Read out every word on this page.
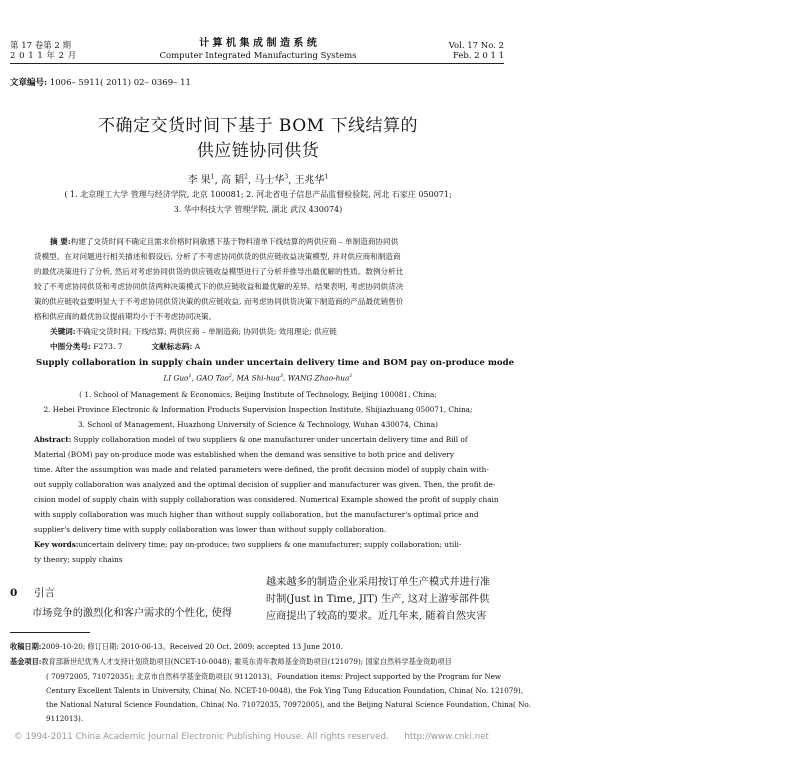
第 17 卷第 2 期
2 0 1 1 年 2 月
计 算 机 集 成 制 造 系 统
Computer Integrated Manufacturing Systems
Vol. 17 No. 2
Feb. 2 0 1 1
文章编号: 1006– 5911( 2011) 02– 0369– 11
不确定交货时间下基于 BOM 下线结算的
供应链协同供货
李 果$^1$, 高 韬$^2$, 马士华$^3$, 王兆华$^1$
( 1. 北京理工大学 管理与经济学院, 北京 100081; 2. 河北省电子信息产品监督检验院, 河北 石家庄 050071;
3. 华中科技大学 管理学院, 湖北 武汉 430074)
摘 要:构建了交货时间不确定且需求价格时间敏感下基于物料清单下线结算的两供应商 – 单制造商协同供
货模型。在对问题进行相关描述和假设后, 分析了不考虑协同供货的供应链收益决策模型, 并对供应商和制造商
的最优决策进行了分析, 然后对考虑协同供货的供应链收益模型进行了分析并推导出最优解的性质。数例分析比
较了不考虑协同供货和考虑协同供货两种决策模式下的供应链收益和最优解的差异。结果表明, 考虑协同供货决
策的供应链收益要明显大于不考虑协同供货决策的供应链收益, 而考虑协同供货决策下制造商的产品最优销售价
格和供应商的最优协议提前期均小于不考虑协同决策。
关键词:不确定交货时间; 下线结算; 两供应商 – 单制造商; 协同供货; 效用理论; 供应链
中图分类号: F273. 7	文献标志码: A
Supply collaboration in supply chain under uncertain delivery time and BOM pay on-produce mode
LI Guo$^1$, GAO Tao$^2$, MA Shi-hua$^3$, WANG Zhao-hua$^1$
( 1. School of Management & Economics, Beijing Institute of Technology, Beijing 100081, China;
2. Hebei Province Electronic & Information Products Supervision Inspection Institute, Shijiazhuang 050071, China;
3. School of Management, Huazhong University of Science & Technology, Wuhan 430074, China)
Abstract: Supply collaboration model of two suppliers & one manufacturer under uncertain delivery time and Bill of
Material (BOM) pay on-produce mode was established when the demand was sensitive to both price and delivery
time. After the assumption was made and related parameters were defined, the profit decision model of supply chain with-
out supply collaboration was analyzed and the optimal decision of supplier and manufacturer was given. Then, the profit de-
cision model of supply chain with supply collaboration was considered. Numerical Example showed the profit of supply chain
with supply collaboration was much higher than without supply collaboration, but the manufacturer's optimal price and
supplier's delivery time with supply collaboration was lower than without supply collaboration.
Key words:uncertain delivery time; pay on-produce; two suppliers & one manufacturer; supply collaboration; utili-
ty theory; supply chains
0 引言
市场竞争的激烈化和客户需求的个性化, 使得
越来越多的制造企业采用按订单生产模式并进行准
时制(Just in Time, JIT) 生产, 这对上游零部件供
应商提出了较高的要求。近几年来, 随着自然灾害
收稿日期:2009-10-20; 修订日期: 2010-06-13。Received 20 Oct. 2009; accepted 13 June 2010.
基金项目:教育部新世纪优秀人才支持计划资助项目(NCET-10-0048); 霍英东青年教师基金资助项目(121079); 国家自然科学基金资助项目
( 70972005, 71072035); 北京市自然科学基金资助项目( 9112013)。Foundation items: Project supported by the Program for New
Century Excellent Talents in University, China( No. NCET-10-0048), the Fok Ying Tung Education Foundation, China( No. 121079),
the National Natural Science Foundation, China( No. 71072035, 70972005), and the Beijing Natural Science Foundation, China( No.
9112013).
© 1994-2011 China Academic Journal Electronic Publishing House. All rights reserved. http://www.cnki.net
